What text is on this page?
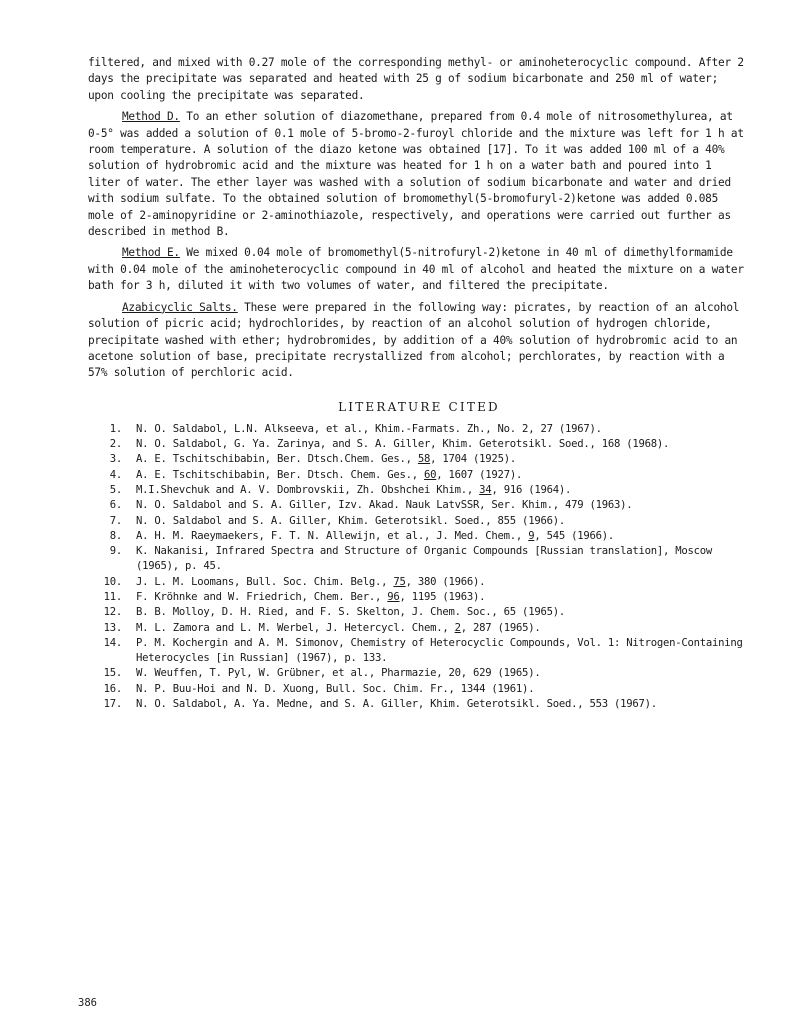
filtered, and mixed with 0.27 mole of the corresponding methyl- or aminoheterocyclic compound. After 2 days the precipitate was separated and heated with 25 g of sodium bicarbonate and 250 ml of water; upon cooling the precipitate was separated.

Method D. To an ether solution of diazomethane, prepared from 0.4 mole of nitrosomethylurea, at 0-5° was added a solution of 0.1 mole of 5-bromo-2-furoyl chloride and the mixture was left for 1 h at room temperature. A solution of the diazo ketone was obtained [17]. To it was added 100 ml of a 40% solution of hydrobromic acid and the mixture was heated for 1 h on a water bath and poured into 1 liter of water. The ether layer was washed with a solution of sodium bicarbonate and water and dried with sodium sulfate. To the obtained solution of bromomethyl(5-bromofuryl-2)ketone was added 0.085 mole of 2-aminopyridine or 2-aminothiazole, respectively, and operations were carried out further as described in method B.

Method E. We mixed 0.04 mole of bromomethyl(5-nitrofuryl-2)ketone in 40 ml of dimethylformamide with 0.04 mole of the aminoheterocyclic compound in 40 ml of alcohol and heated the mixture on a water bath for 3 h, diluted it with two volumes of water, and filtered the precipitate.

Azabicyclic Salts. These were prepared in the following way: picrates, by reaction of an alcohol solution of picric acid; hydrochlorides, by reaction of an alcohol solution of hydrogen chloride, precipitate washed with ether; hydrobromides, by addition of a 40% solution of hydrobromic acid to an acetone solution of base, precipitate recrystallized from alcohol; perchlorates, by reaction with a 57% solution of perchloric acid.

LITERATURE CITED
1.	N. O. Saldabol, L.N. Alkseeva, et al., Khim.-Farmats. Zh., No. 2, 27 (1967).
2.	N. O. Saldabol, G. Ya. Zarinya, and S. A. Giller, Khim. Geterotsikl. Soed., 168 (1968).
3.	A. E. Tschitschibabin, Ber. Dtsch.Chem. Ges., 58, 1704 (1925).
4.	A. E. Tschitschibabin, Ber. Dtsch. Chem. Ges., 60, 1607 (1927).
5.	M.I.Shevchuk and A. V. Dombrovskii, Zh. Obshchei Khim., 34, 916 (1964).
6.	N. O. Saldabol and S. A. Giller, Izv. Akad. Nauk LatvSSR, Ser. Khim., 479 (1963).
7.	N. O. Saldabol and S. A. Giller, Khim. Geterotsikl. Soed., 855 (1966).
8.	A. H. M. Raeymaekers, F. T. N. Allewijn, et al., J. Med. Chem., 9, 545 (1966).
9.	K. Nakanisi, Infrared Spectra and Structure of Organic Compounds [Russian translation], Moscow (1965), p. 45.
10.	J. L. M. Loomans, Bull. Soc. Chim. Belg., 75, 380 (1966).
11.	F. Kröhnke and W. Friedrich, Chem. Ber., 96, 1195 (1963).
12.	B. B. Molloy, D. H. Ried, and F. S. Skelton, J. Chem. Soc., 65 (1965).
13.	M. L. Zamora and L. M. Werbel, J. Hetercycl. Chem., 2, 287 (1965).
14.	P. M. Kochergin and A. M. Simonov, Chemistry of Heterocyclic Compounds, Vol. 1: Nitrogen-Containing Heterocycles [in Russian] (1967), p. 133.
15.	W. Weuffen, T. Pyl, W. Grübner, et al., Pharmazie, 20, 629 (1965).
16.	N. P. Buu-Hoi and N. D. Xuong, Bull. Soc. Chim. Fr., 1344 (1961).
17.	N. O. Saldabol, A. Ya. Medne, and S. A. Giller, Khim. Geterotsikl. Soed., 553 (1967).
386
